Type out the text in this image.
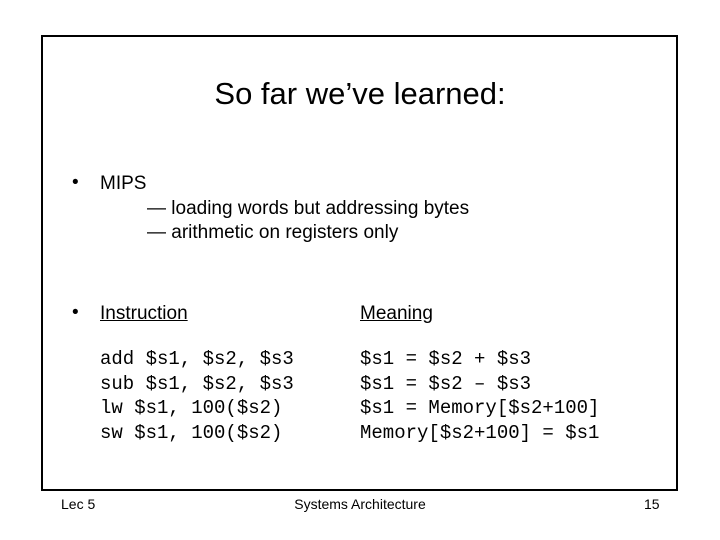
So far we’ve learned:
• MIPS
— loading words but addressing bytes
— arithmetic on registers only
• Instruction	Meaning
add $s1, $s2, $s3	$s1 = $s2 + $s3
sub $s1, $s2, $s3	$s1 = $s2 – $s3
lw $s1, 100($s2)	$s1 = Memory[$s2+100]
sw $s1, 100($s2)	Memory[$s2+100] = $s1
Lec 5	Systems Architecture	15
